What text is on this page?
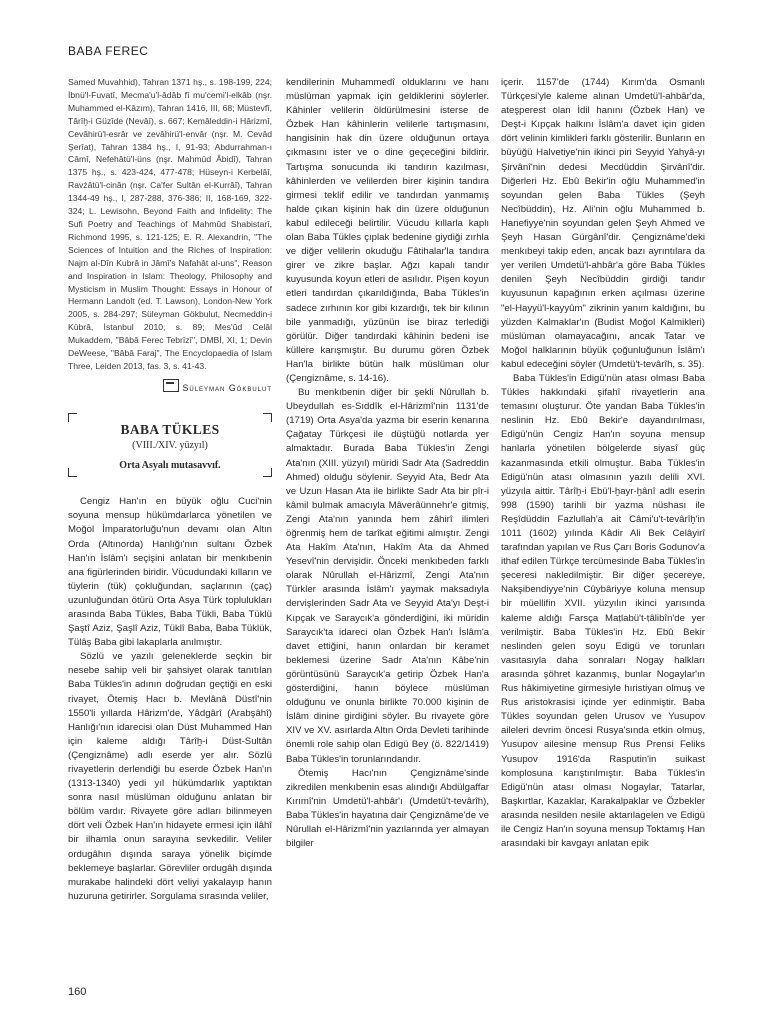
BABA FEREC

Samed Muvahhid), Tahran 1371 hş., s. 198-199, 224; İbnü'l-Fuvatî, Mecma'u'l-âdâb fî mu'cemi'l-elkâb (nşr. Muhammed el-Kâzım), Tahran 1416, III, 68; Müstevfî, Târîḫ-i Güzîde (Nevâî), s. 667; Kemâleddin-i Hârizmî, Cevâhirü'l-esrâr ve zevâhirü'l-envâr (nşr. M. Cevâd Şerîat), Tahran 1384 hş., I, 91-93; Abdurrahman-ı Câmî, Nefehâtü'l-üns (nşr. Mahmûd Âbidî), Tahran 1375 hş., s. 423-424, 477-478; Hüseyn-i Kerbelâî, Ravżâtü'l-cinân (nşr. Ca'fer Sultân el-Kurrâî), Tahran 1344-49 hş., I, 287-288, 376-386; II, 168-169, 322-324; L. Lewisohn, Beyond Faith and Infidelity: The Sufi Poetry and Teachings of Mahmûd Shabistarî, Richmond 1995, s. 121-125; E. R. Alexandrin, "The Sciences of Intuition and the Riches of Inspiration: Najm al-Dîn Kubrâ in Jâmî's Nafahât al-uns", Reason and Inspiration in Islam: Theology, Philosophy and Mysticism in Muslim Thought: Essays in Honour of Hermann Landolt (ed. T. Lawson), London-New York 2005, s. 284-297; Süleyman Gökbulut, Necmeddin-i Kübrâ, İstanbul 2010, s. 89; Mes'ûd Celâl Mukaddem, "Bâbâ Ferec Tebrîzî", DMBİ, XI, 1; Devin DeWeese, "Bâbâ Faraj", The Encyclopaedia of Islam Three, Leiden 2013, fas. 3, s. 41-43.

Süleyman Gökbulut
BABA TÜKLES
(VIII./XIV. yüzyıl)
Orta Asyalı mutasavvıf.

Cengiz Han'ın en büyük oğlu Cuci'nin soyuna mensup hükümdarlarca yönetilen ve Moğol İmparatorluğu'nun devamı olan Altın Orda (Altınorda) Hanlığı'nın sultanı Özbek Han'ın İslâm'ı seçişini anlatan bir menkıbenin ana figürlerinden biridir. Vücudundaki kılların ve tüylerin (tük) çokluğundan, saçlarının (çaç) uzunluğundan ötürü Orta Asya Türk toplulukları arasında Baba Tükles, Baba Tükli, Baba Tüklü Şaştî Aziz, Şaşlî Aziz, Tüklî Baba, Baba Tüklük, Tülâş Baba gibi lakaplarla anılmıştır.

Sözlü ve yazılı geleneklerde seçkin bir nesebe sahip veli bir şahsiyet olarak tanıtılan Baba Tükles'in adının doğrudan geçtiği en eski rivayet, Ötemiş Hacı b. Mevlânâ Düstî'nin 1550'li yıllarda Hârizm'de, Yâdgârî (Arabşâhî) Hanlığı'nın idarecisi olan Düst Muhammed Han için kaleme aldığı Târîḫ-i Düst-Sultân (Çengiznâme) adlı eserde yer alır. Sözlü rivayetlerin derlendiği bu eserde Özbek Han'ın (1313-1340) yedi yıl hükümdarlık yaptıktan sonra nasıl müslüman olduğunu anlatan bir bölüm vardır. Rivayete göre adları bilinmeyen dört veli Özbek Han'ın hidayete ermesi için ilâhî bir ilhamla onun sarayına sevkedilir. Veliler ordugâhın dışında saraya yönelik biçimde beklemeye başlarlar. Görevliler ordugâh dışında murakabe halindeki dört veliyi yakalayıp hanın huzuruna getirirler. Sorgulama sırasında veliler,

kendilerinin Muhammedî olduklarını ve hanı müslüman yapmak için geldiklerini söylerler. Kâhinler velilerin öldürülmesini isterse de Özbek Han kâhinlerin velilerle tartışmasını, hangisinin hak din üzere olduğunun ortaya çıkmasını ister ve o dine geçeceğini bildirir. Tartışma sonucunda iki tandırın kazılması, kâhinlerden ve velilerden birer kişinin tandıra girmesi teklif edilir ve tandırdan yanmamış halde çıkan kişinin hak din üzere olduğunun kabul edileceği belirtilir. Vücudu kıllarla kaplı olan Baba Tükles çıplak bedenine giydiği zırhla ve diğer velilerin okuduğu Fâtihalar'la tandıra girer ve zikre başlar. Ağzı kapalı tandır kuyusunda koyun etleri de asılıdır. Pişen koyun etleri tandırdan çıkarıldığında, Baba Tükles'in sadece zırhının kor gibi kızardığı, tek bir kılının bile yanmadığı, yüzünün ise biraz terlediği görülür. Diğer tandırdaki kâhinin bedeni ise küllere karışmıştır. Bu durumu gören Özbek Han'la birlikte bütün halk müslüman olur (Çengiznâme, s. 14-16).

Bu menkıbenin diğer bir şekli Nûrullah b. Ubeydullah es-Sıddîk el-Hârizmî'nin 1131'de (1719) Orta Asya'da yazma bir eserin kenarına Çağatay Türkçesi ile düştüğü notlarda yer almaktadır. Burada Baba Tükles'in Zengi Ata'nın (XIII. yüzyıl) müridi Sadr Ata (Sadreddin Ahmed) olduğu söylenir. Seyyid Ata, Bedr Ata ve Uzun Hasan Ata ile birlikte Sadr Ata bir pîr-i kâmil bulmak amacıyla Mâverâünnehr'e gitmiş, Zengi Ata'nın yanında hem zâhirî ilimleri öğrenmiş hem de tarîkat eğitimi almıştır. Zengi Ata Hakîm Ata'nın, Hakîm Ata da Ahmed Yesevî'nin dervişidir. Önceki menkıbeden farklı olarak Nûrullah el-Hârizmî, Zengi Ata'nın Türkler arasında İslâm'ı yaymak maksadıyla dervişlerinden Sadr Ata ve Seyyid Ata'yı Deşt-i Kıpçak ve Saraycık'a gönderdiğini, iki müridin Saraycık'ta idareci olan Özbek Han'ı İslâm'a davet ettiğini, hanın onlardan bir keramet beklemesi üzerine Sadr Ata'nın Kâbe'nin görüntüsünü Saraycık'a getirip Özbek Han'a gösterdiğini, hanın böylece müslüman olduğunu ve onunla birlikte 70.000 kişinin de İslâm dinine girdiğini söyler. Bu rivayete göre XIV ve XV. asırlarda Altın Orda Devleti tarihinde önemli role sahip olan Edigü Bey (ö. 822/1419) Baba Tükles'in torunlarındandır.

Ötemiş Hacı'nın Çengiznâme'sinde zikredilen menkıbenin esas alındığı Abdülgaffar Kırımî'nin Umdetü'l-ahbâr'ı (Umdetü't-tevârîh), Baba Tükles'in hayatına dair Çengiznâme'de ve Nûrullah el-Hârizmî'nin yazılarında yer almayan bilgiler

içerir. 1157'de (1744) Kırım'da Osmanlı Türkçesi'yle kaleme alınan Umdetü'l-ahbâr'da, ateşperest olan İdil hanını (Özbek Han) ve Deşt-i Kıpçak halkını İslâm'a davet için giden dört velinin kimlikleri farklı gösterilir. Bunların en büyüğü Halvetiye'nin ikinci piri Seyyid Yahyâ-yı Şirvânî'nin dedesi Mecdüddin Şirvânî'dir. Diğerleri Hz. Ebû Bekir'in oğlu Muhammed'in soyundan gelen Baba Tükles (Şeyh Necîbüddin), Hz. Ali'nin oğlu Muhammed b. Hanefiyye'nin soyundan gelen Şeyh Ahmed ve Şeyh Hasan Gürgânî'dir. Çengiznâme'deki menkıbeyi takip eden, ancak bazı ayrıntılara da yer verilen Umdetü'l-ahbâr'a göre Baba Tükles denilen Şeyh Necîbüddin girdiği tandır kuyusunun kapağının erken açılması üzerine "el-Hayyü'l-kayyûm" zikrinin yanım kaldığını, bu yüzden Kalmaklar'ın (Budist Moğol Kalmikleri) müslüman olamayacağını, ancak Tatar ve Moğol halklarının büyük çoğunluğunun İslâm'ı kabul edeceğini söyler (Umdetü't-tevârîh, s. 35).

Baba Tükles'in Edigü'nün atası olması Baba Tükles hakkındaki şifahî rivayetlerin ana temasını oluşturur. Öte yandan Baba Tükles'in neslinin Hz. Ebû Bekir'e dayandırılması, Edigü'nün Cengiz Han'ın soyuna mensup hanlarla yönetilen bölgelerde siyasî güç kazanmasında etkili olmuştur. Baba Tükles'in Edigü'nün atası olmasının yazılı delili XVI. yüzyıla aittir. Târîḫ-i Ebü'l-ḫayr-ḫânî adlı eserin 998 (1590) tarihli bir yazma nüshası ile Reşîdüddin Fazlullah'a ait Câmi'u't-tevârîḫ'in 1011 (1602) yılında Kâdir Ali Bek Celâyirî tarafından yapılan ve Rus Çarı Boris Godunov'a ithaf edilen Türkçe tercümesinde Baba Tükles'in şeceresi nakledilmiştir. Bir diğer şecereye, Nakşibendiyye'nin Cûybâriyye koluna mensup bir müellifin XVII. yüzyılın ikinci yarısında kaleme aldığı Farsça Maṭlabü't-ṭâlibîn'de yer verilmiştir. Baba Tükles'in Hz. Ebû Bekir neslinden gelen soyu Edigü ve torunları vasıtasıyla daha sonraları Nogay halkları arasında şöhret kazanmış, bunlar Nogaylar'ın Rus hâkimiyetine girmesiyle hıristiyan olmuş ve Rus aristokrasisi içinde yer edinmiştir. Baba Tükles soyundan gelen Urusov ve Yusupov aileleri devrim öncesi Rusya'sında etkin olmuş, Yusupov ailesine mensup Rus Prensi Feliks Yusupov 1916'da Rasputin'in suikast komplosuna karıştırılmıştır. Baba Tükles'in Edigü'nün atası olması Nogaylar, Tatarlar, Başkırtlar, Kazaklar, Karakalpaklar ve Özbekler arasında nesilden nesile aktarılagelen ve Edigü ile Cengiz Han'ın soyuna mensup Toktamış Han arasındaki bir kavgayı anlatan epik

160
